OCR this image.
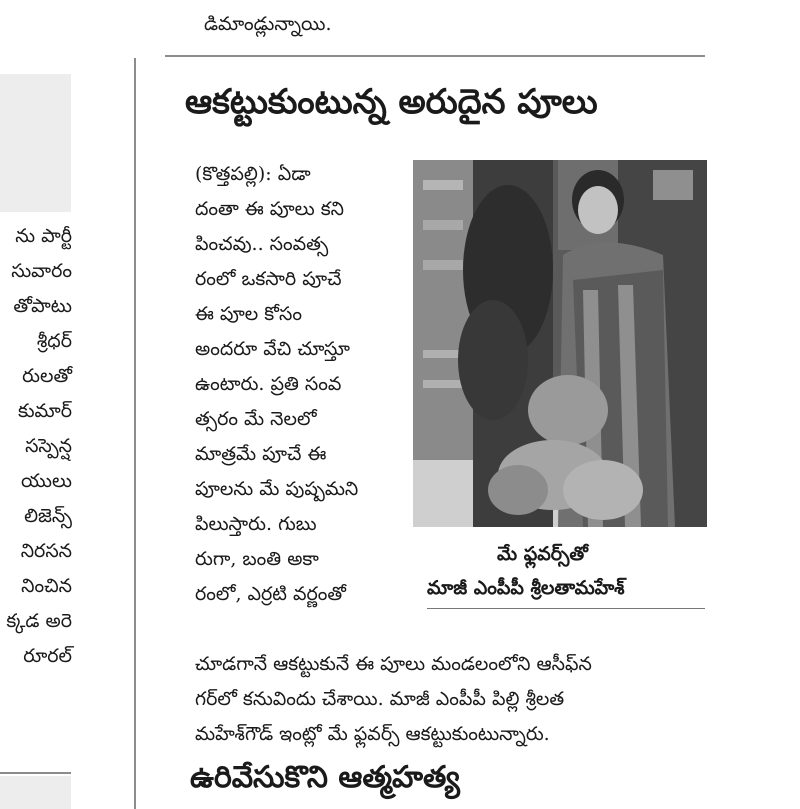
డిమాండ్లున్నాయి.
ను పార్టీ
సువారం
తోపాటు
శ్రీధర్
రులతో
కుమార్
సస్పెన్ష
యులు
లిజెన్స్
నిరసన
నించిన
క్కడ అరె
రూరల్
ఆకట్టుకుంటున్న అరుదైన పూలు
(కొత్తపల్లి): ఏడా
దంతా ఈ పూలు కని
పించవు.. సంవత్స
రంలో ఒకసారి పూచే
ఈ పూల కోసం
అందరూ వేచి చూస్తూ
ఉంటారు. ప్రతి సంవ
త్సరం మే నెలలో
మాత్రమే పూచే ఈ
పూలను మే పుష్పమని
పిలుస్తారు. గుబు
రుగా, బంతి అకా
రంలో, ఎర్రటి వర్ణంతో
మే ఫ్లవర్స్‌తో
మాజీ ఎంపీపీ శ్రీలతామహేశ్
చూడగానే ఆకట్టుకునే ఈ పూలు మండలంలోని ఆసీఫ్‌న
గర్‌లో కనువిందు చేశాయి. మాజీ ఎంపీపీ పిల్లి శ్రీలత
మహేశ్‌గౌడ్ ఇంట్లో మే ఫ్లవర్స్ ఆకట్టుకుంటున్నారు.
ఉరివేసుకొని ఆత్మహత్య
